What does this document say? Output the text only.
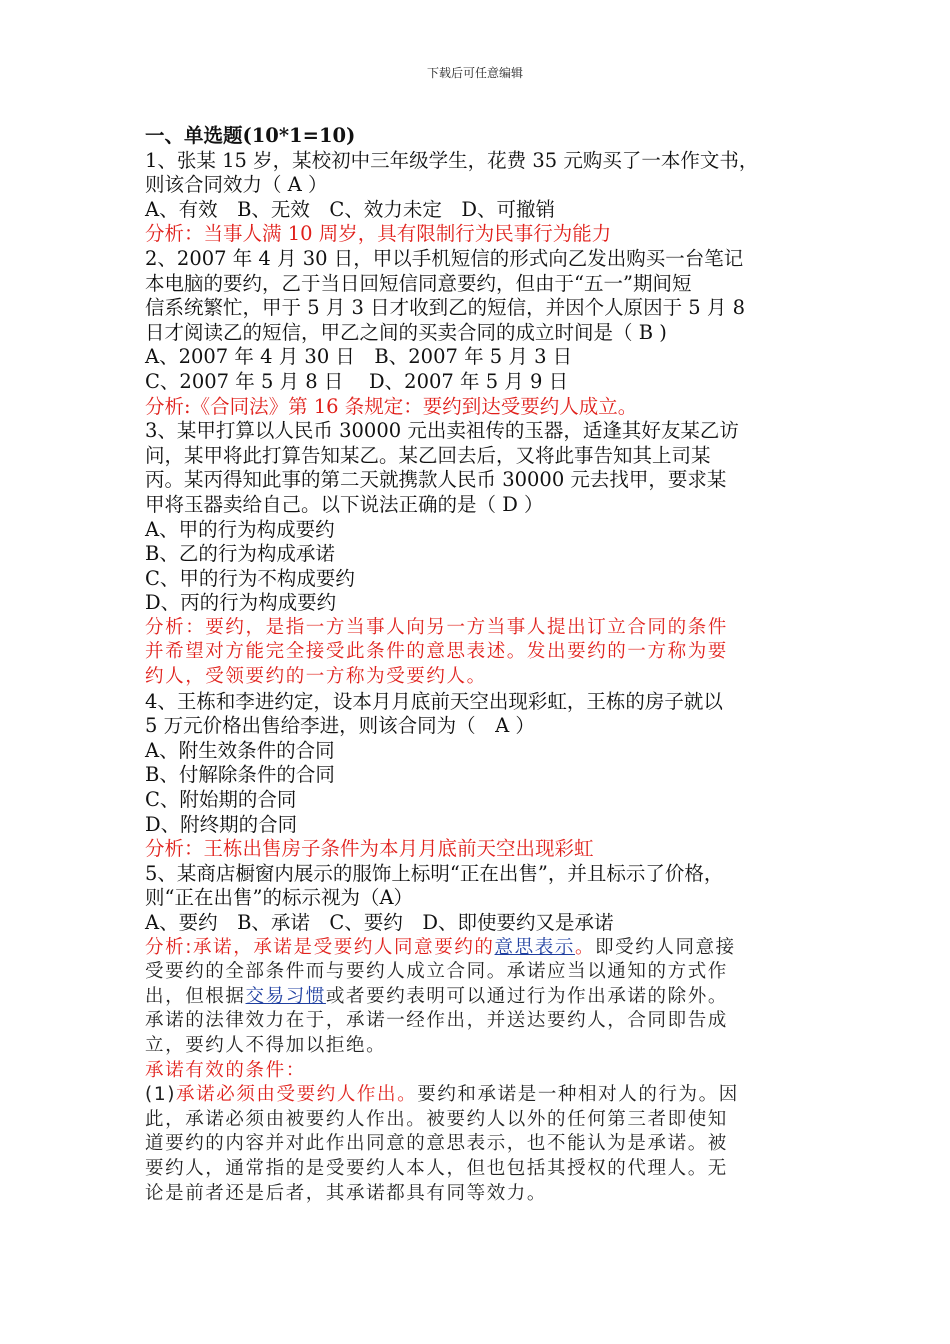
下载后可任意编辑
一、单选题(10*1=10)
1、张某 15 岁，某校初中三年级学生，花费 35 元购买了一本作文书，
则该合同效力（ A ）
A、有效　B、无效　C、效力未定　D、可撤销
分析：当事人满 10 周岁，具有限制行为民事行为能力
2、2007 年 4 月 30 日，甲以手机短信的形式向乙发出购买一台笔记
本电脑的要约，乙于当日回短信同意要约，但由于“五一”期间短
信系统繁忙，甲于 5 月 3 日才收到乙的短信，并因个人原因于 5 月 8
日才阅读乙的短信，甲乙之间的买卖合同的成立时间是（ B )
A、2007 年 4 月 30 日　B、2007 年 5 月 3 日
C、2007 年 5 月 8 日　 D、2007 年 5 月 9 日
分析:《合同法》第 16 条规定：要约到达受要约人成立。
3、某甲打算以人民币 30000 元出卖祖传的玉器，适逢其好友某乙访
问，某甲将此打算告知某乙。某乙回去后，又将此事告知其上司某
丙。某丙得知此事的第二天就携款人民币 30000 元去找甲，要求某
甲将玉器卖给自己。以下说法正确的是（ D ）
A、甲的行为构成要约
B、乙的行为构成承诺
C、甲的行为不构成要约
D、丙的行为构成要约
分析：要约，是指一方当事人向另一方当事人提出订立合同的条件
并希望对方能完全接受此条件的意思表述。发出要约的一方称为要
约人，受领要约的一方称为受要约人。
4、王栋和李进约定，设本月月底前天空出现彩虹，王栋的房子就以
5 万元价格出售给李进，则该合同为（　A ）
A、附生效条件的合同
B、付解除条件的合同
C、附始期的合同
D、附终期的合同
分析：王栋出售房子条件为本月月底前天空出现彩虹
5、某商店橱窗内展示的服饰上标明“正在出售”，并且标示了价格，
则“正在出售”的标示视为（A）
A、要约　B、承诺　C、要约　D、即使要约又是承诺
分析:承诺，承诺是受要约人同意要约的意思表示。即受约人同意接
受要约的全部条件而与要约人成立合同。承诺应当以通知的方式作
出，但根据交易习惯或者要约表明可以通过行为作出承诺的除外。
承诺的法律效力在于，承诺一经作出，并送达要约人，合同即告成
立，要约人不得加以拒绝。
承诺有效的条件：
(1)承诺必须由受要约人作出。要约和承诺是一种相对人的行为。因
此，承诺必须由被要约人作出。被要约人以外的任何第三者即使知
道要约的内容并对此作出同意的意思表示，也不能认为是承诺。被
要约人，通常指的是受要约人本人，但也包括其授权的代理人。无
论是前者还是后者，其承诺都具有同等效力。
